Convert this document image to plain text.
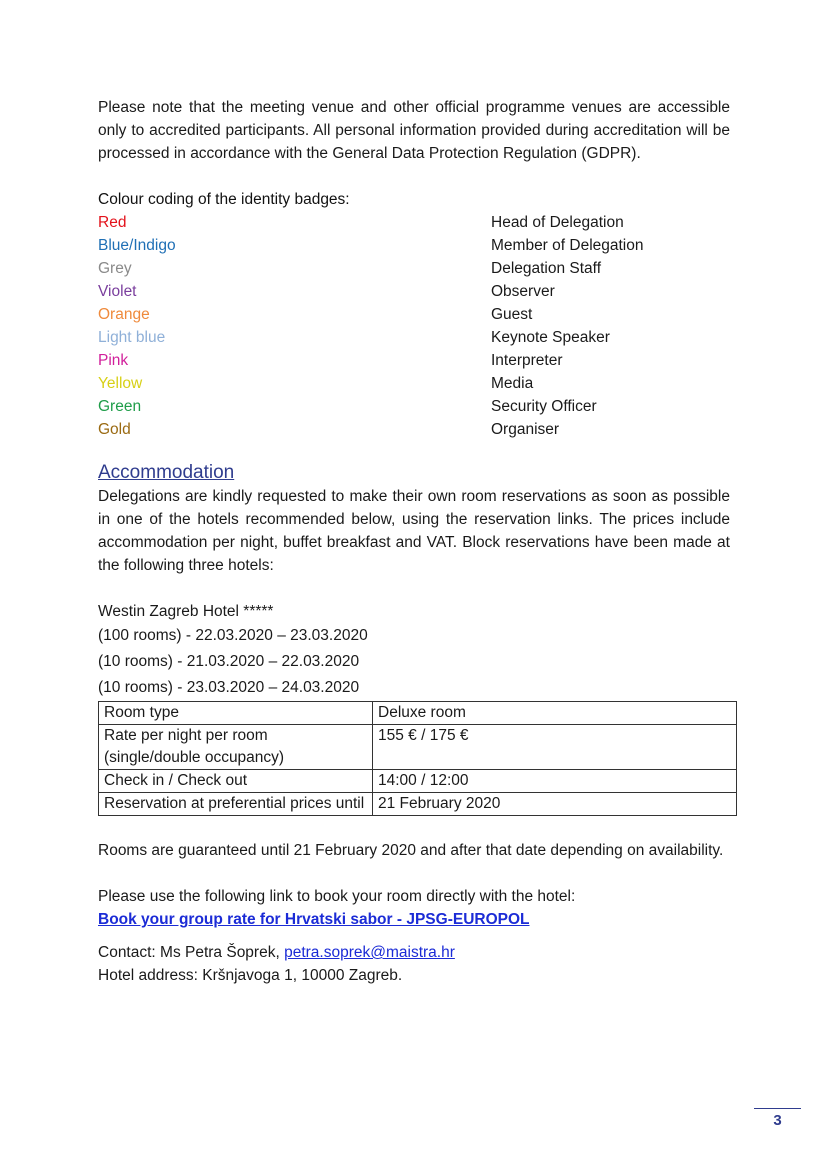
Please note that the meeting venue and other official programme venues are accessible only to accredited participants. All personal information provided during accreditation will be processed in accordance with the General Data Protection Regulation (GDPR).

Colour coding of the identity badges:

Red	Head of Delegation
Blue/Indigo	Member of Delegation
Grey	Delegation Staff
Violet	Observer
Orange	Guest
Light blue	Keynote Speaker
Pink	Interpreter
Yellow	Media
Green	Security Officer
Gold	Organiser
Accommodation

Delegations are kindly requested to make their own room reservations as soon as possible in one of the hotels recommended below, using the reservation links. The prices include accommodation per night, buffet breakfast and VAT. Block reservations have been made at the following three hotels:

Westin Zagreb Hotel *****

(100 rooms) - 22.03.2020 – 23.03.2020

(10 rooms) - 21.03.2020 – 22.03.2020

(10 rooms) - 23.03.2020 – 24.03.2020

Room type	Deluxe room
Rate per night per room (single/double occupancy)	155 € / 175 €
Check in / Check out	14:00 / 12:00
Reservation at preferential prices until	21 February 2020

Rooms are guaranteed until 21 February 2020 and after that date depending on availability.

Please use the following link to book your room directly with the hotel:

Book your group rate for Hrvatski sabor - JPSG-EUROPOL

Contact: Ms Petra Šoprek, petra.soprek@maistra.hr

Hotel address: Kršnjavoga 1, 10000 Zagreb.

3
